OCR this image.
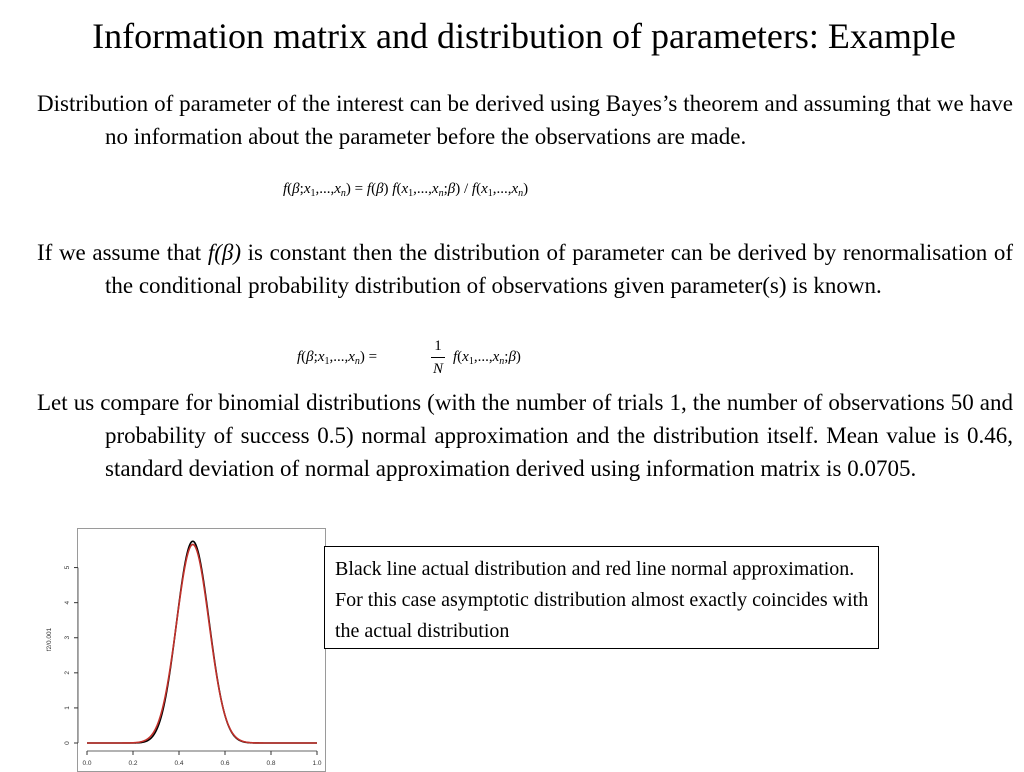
Information matrix and distribution of parameters: Example
Distribution of parameter of the interest can be derived using Bayes’s theorem and assuming that we have no information about the parameter before the observations are made.
$f(\beta;x_1,...,x_n) = f(\beta)$ $f(x_1,...,x_n;\beta) / f(x_1,...,x_n)$
If we assume that f(β) is constant then the distribution of parameter can be derived by renormalisation of the conditional probability distribution of observations given parameter(s) is known.
$f(\beta;x_1,...,x_n)$ =
1
N
$f(x_1,...,x_n;\beta)$
Let us compare for binomial distributions (with the number of trials 1, the number of observations 50 and probability of success 0.5) normal approximation and the distribution itself. Mean value is 0.46, standard deviation of normal approximation derived using information matrix is 0.0705.
0.0	0.2	0.4	0.6	0.8	1.0
0
1
2
3
4
5
f2/0.001
Black line actual distribution and red line normal approximation. For this case asymptotic distribution almost exactly coincides with the actual distribution
